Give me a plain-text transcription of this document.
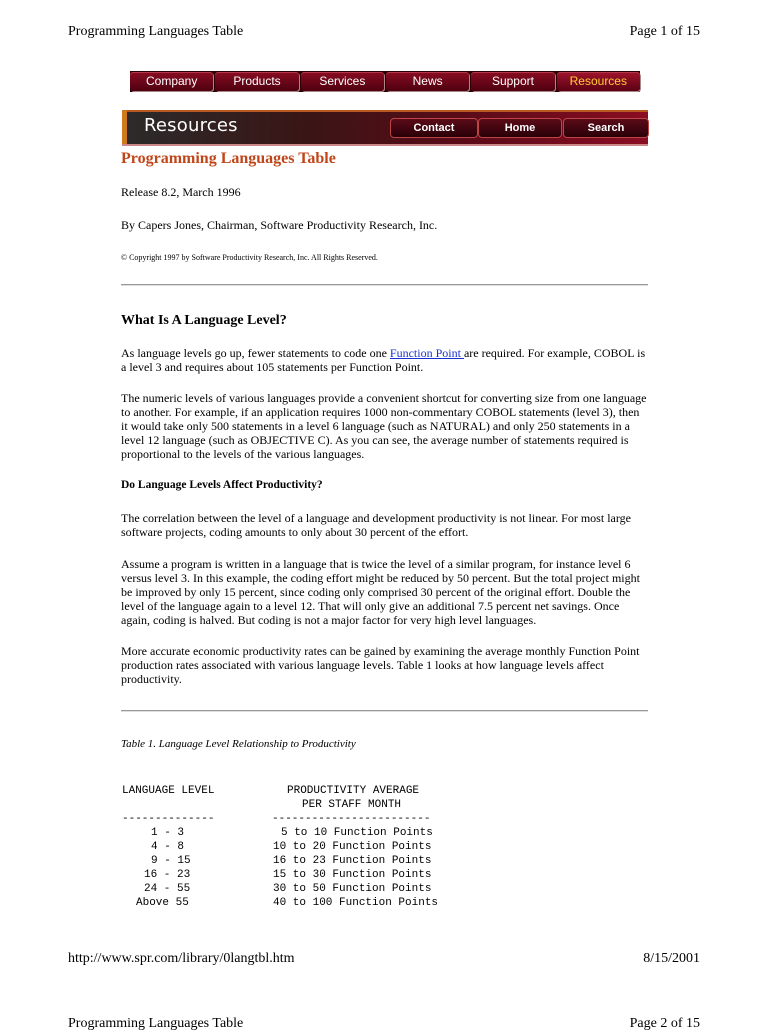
Programming Languages Table	Page 1 of 15
Company	Products	Services	News	Support	Resources
Resources	Contact	Home	Search
Programming Languages Table
Release 8.2, March 1996
By Capers Jones, Chairman, Software Productivity Research, Inc.
© Copyright 1997 by Software Productivity Research, Inc. All Rights Reserved.
What Is A Language Level?
As language levels go up, fewer statements to code one Function Point are required. For example, COBOL is a level 3 and requires about 105 statements per Function Point.
The numeric levels of various languages provide a convenient shortcut for converting size from one language to another. For example, if an application requires 1000 non-commentary COBOL statements (level 3), then it would take only 500 statements in a level 6 language (such as NATURAL) and only 250 statements in a level 12 language (such as OBJECTIVE C). As you can see, the average number of statements required is proportional to the levels of the various languages.
Do Language Levels Affect Productivity?
The correlation between the level of a language and development productivity is not linear. For most large software projects, coding amounts to only about 30 percent of the effort.
Assume a program is written in a language that is twice the level of a similar program, for instance level 6 versus level 3. In this example, the coding effort might be reduced by 50 percent. But the total project might be improved by only 15 percent, since coding only comprised 30 percent of the original effort. Double the level of the language again to a level 12. That will only give an additional 7.5 percent net savings. Once again, coding is halved. But coding is not a major factor for very high level languages.
More accurate economic productivity rates can be gained by examining the average monthly Function Point production rates associated with various language levels. Table 1 looks at how language levels affect productivity.
Table 1. Language Level Relationship to Productivity
LANGUAGE LEVEL	PRODUCTIVITY AVERAGE
PER STAFF MONTH
--------------	------------------------
1 - 3	5 to 10 Function Points
4 - 8	10 to 20 Function Points
9 - 15	16 to 23 Function Points
16 - 23	15 to 30 Function Points
24 - 55	30 to 50 Function Points
Above 55	40 to 100 Function Points
http://www.spr.com/library/0langtbl.htm	8/15/2001
Programming Languages Table	Page 2 of 15
